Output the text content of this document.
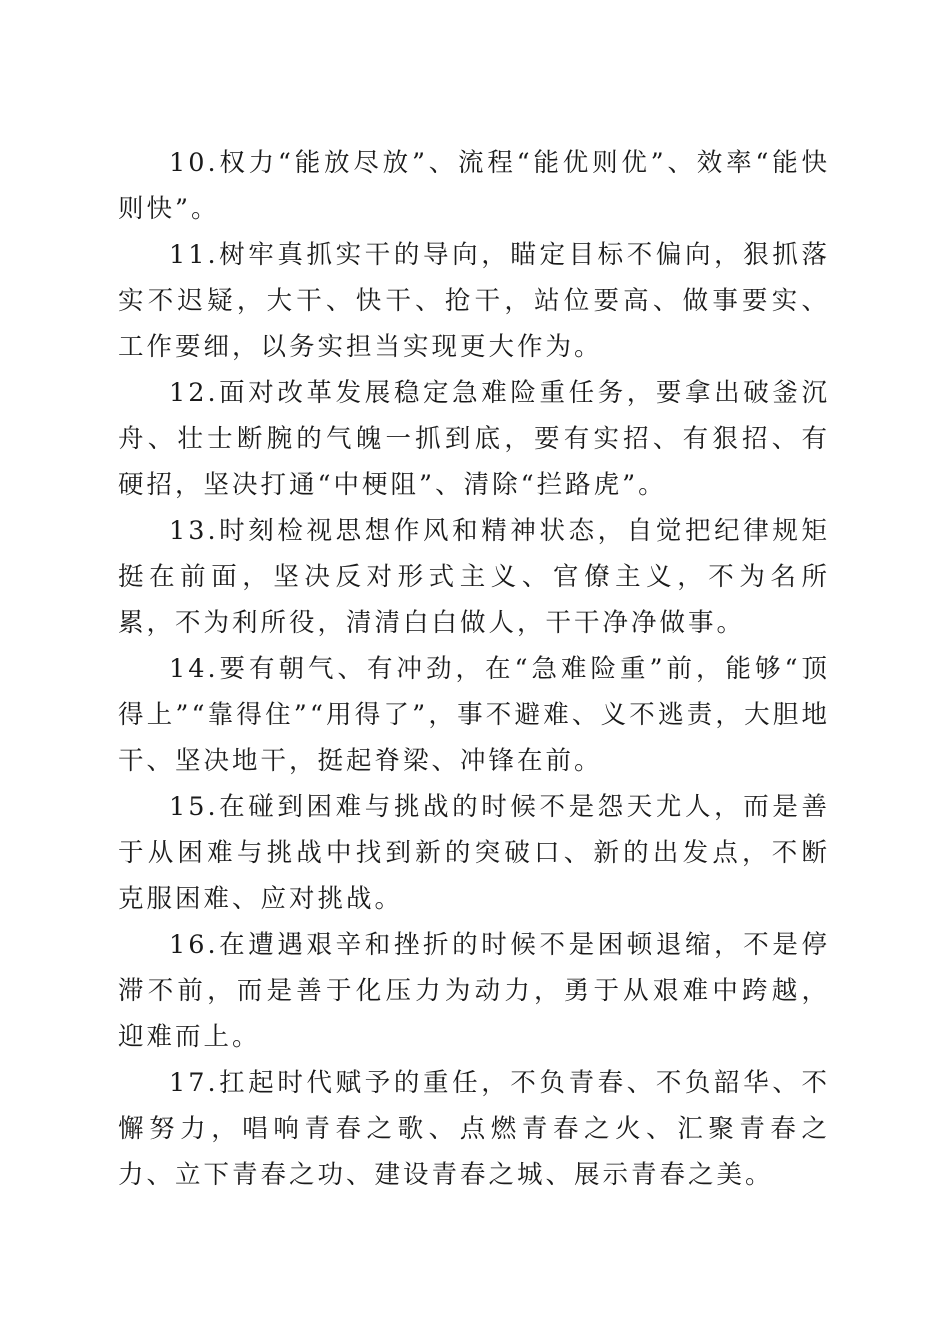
10.权力“能放尽放”、流程“能优则优”、效率“能快则快”。

11.树牢真抓实干的导向，瞄定目标不偏向，狠抓落实不迟疑，大干、快干、抢干，站位要高、做事要实、工作要细，以务实担当实现更大作为。

12.面对改革发展稳定急难险重任务，要拿出破釜沉舟、壮士断腕的气魄一抓到底，要有实招、有狠招、有硬招，坚决打通“中梗阻”、清除“拦路虎”。

13.时刻检视思想作风和精神状态，自觉把纪律规矩挺在前面，坚决反对形式主义、官僚主义，不为名所累，不为利所役，清清白白做人，干干净净做事。

14.要有朝气、有冲劲，在“急难险重”前，能够“顶得上”“靠得住”“用得了”，事不避难、义不逃责，大胆地干、坚决地干，挺起脊梁、冲锋在前。

15.在碰到困难与挑战的时候不是怨天尤人，而是善于从困难与挑战中找到新的突破口、新的出发点，不断克服困难、应对挑战。

16.在遭遇艰辛和挫折的时候不是困顿退缩，不是停滞不前，而是善于化压力为动力，勇于从艰难中跨越，迎难而上。

17.扛起时代赋予的重任，不负青春、不负韶华、不懈努力，唱响青春之歌、点燃青春之火、汇聚青春之力、立下青春之功、建设青春之城、展示青春之美。
